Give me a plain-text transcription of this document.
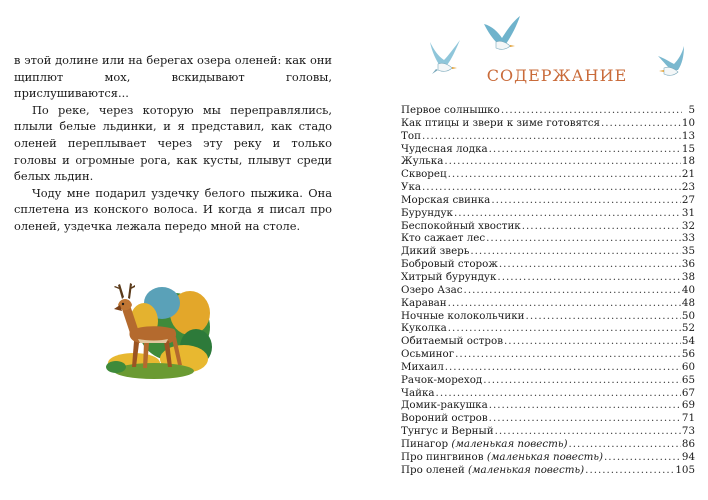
в этой долине или на берегах озера оленей: как они щиплют мох, вскидывают головы, прислушиваются...

По реке, через которую мы переправлялись, плыли белые льдинки, и я представил, как стадо оленей переплывает через эту реку и только головы и огромные рога, как кусты, плывут среди белых льдин.

Чоду мне подарил уздечку белого пыжика. Она сплетена из конского волоса. И когда я писал про оленей, уздечка лежала передо мной на столе.

СОДЕРЖАНИЕ
Первое солнышко .....	5
Как птицы и звери к зиме готовятся .....	10
Топ .....	13
Чудесная лодка .....	15
Жулька .....	18
Скворец .....	21
Ука .....	23
Морская свинка .....	27
Бурундук .....	31
Беспокойный хвостик .....	32
Кто сажает лес .....	33
Дикий зверь .....	35
Бобровый сторож .....	36
Хитрый бурундук .....	38
Озеро Азас .....	40
Караван .....	48
Ночные колокольчики .....	50
Куколка .....	52
Обитаемый остров .....	54
Осьминог .....	56
Михаил .....	60
Рачок-мореход .....	65
Чайка .....	67
Домик-ракушка .....	69
Вороний остров .....	71
Тунгус и Верный .....	73
Пинагор (маленькая повесть) .....	86
Про пингвинов (маленькая повесть) .....	94
Про оленей (маленькая повесть) .....	105
